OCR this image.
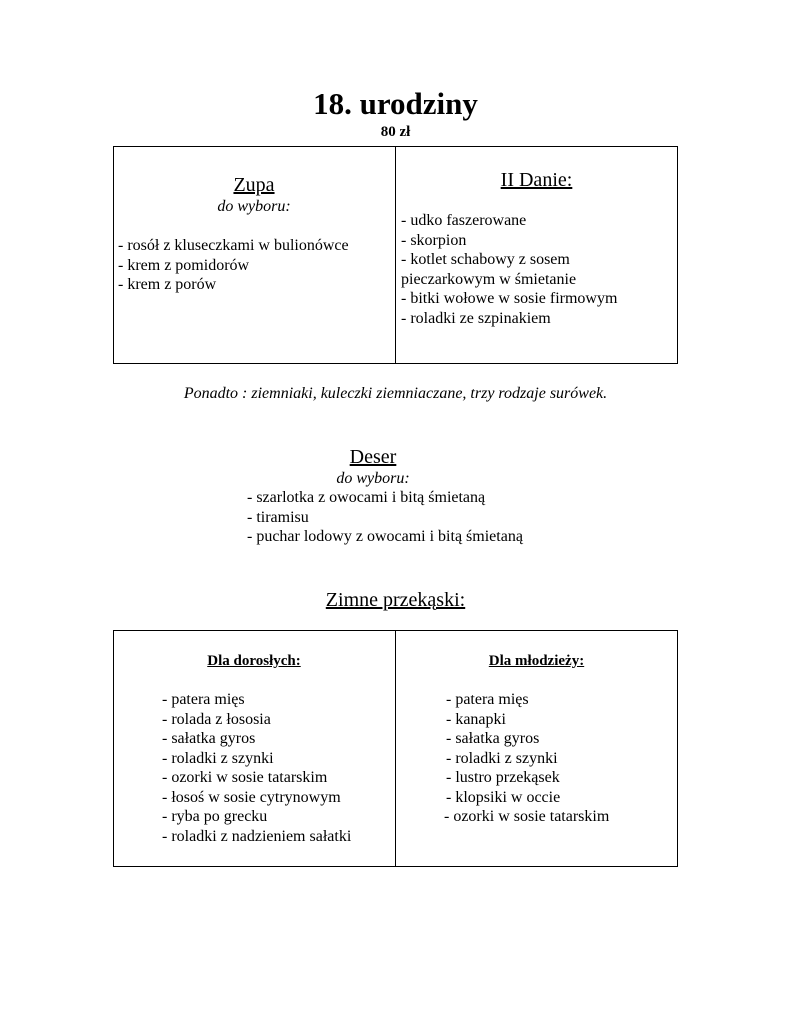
18. urodziny
80 zł
Zupa
do wyboru:
- rosół z kluseczkami w bulionówce
- krem z pomidorów
- krem z porów
II Danie:
- udko faszerowane
- skorpion
- kotlet schabowy z sosem
pieczarkowym w śmietanie
- bitki wołowe w sosie firmowym
- roladki ze szpinakiem
Ponadto : ziemniaki, kuleczki ziemniaczane, trzy rodzaje surówek.
Deser
do wyboru:
- szarlotka z owocami i bitą śmietaną
- tiramisu
- puchar lodowy z owocami i bitą śmietaną
Zimne przekąski:
Dla dorosłych:
- patera mięs
- rolada z łososia
- sałatka gyros
- roladki z szynki
- ozorki w sosie tatarskim
- łosoś w sosie cytrynowym
- ryba po grecku
- roladki z nadzieniem sałatki
Dla młodzieży:
- patera mięs
- kanapki
- sałatka gyros
- roladki z szynki
- lustro przekąsek
- klopsiki w occie
- ozorki w sosie tatarskim
